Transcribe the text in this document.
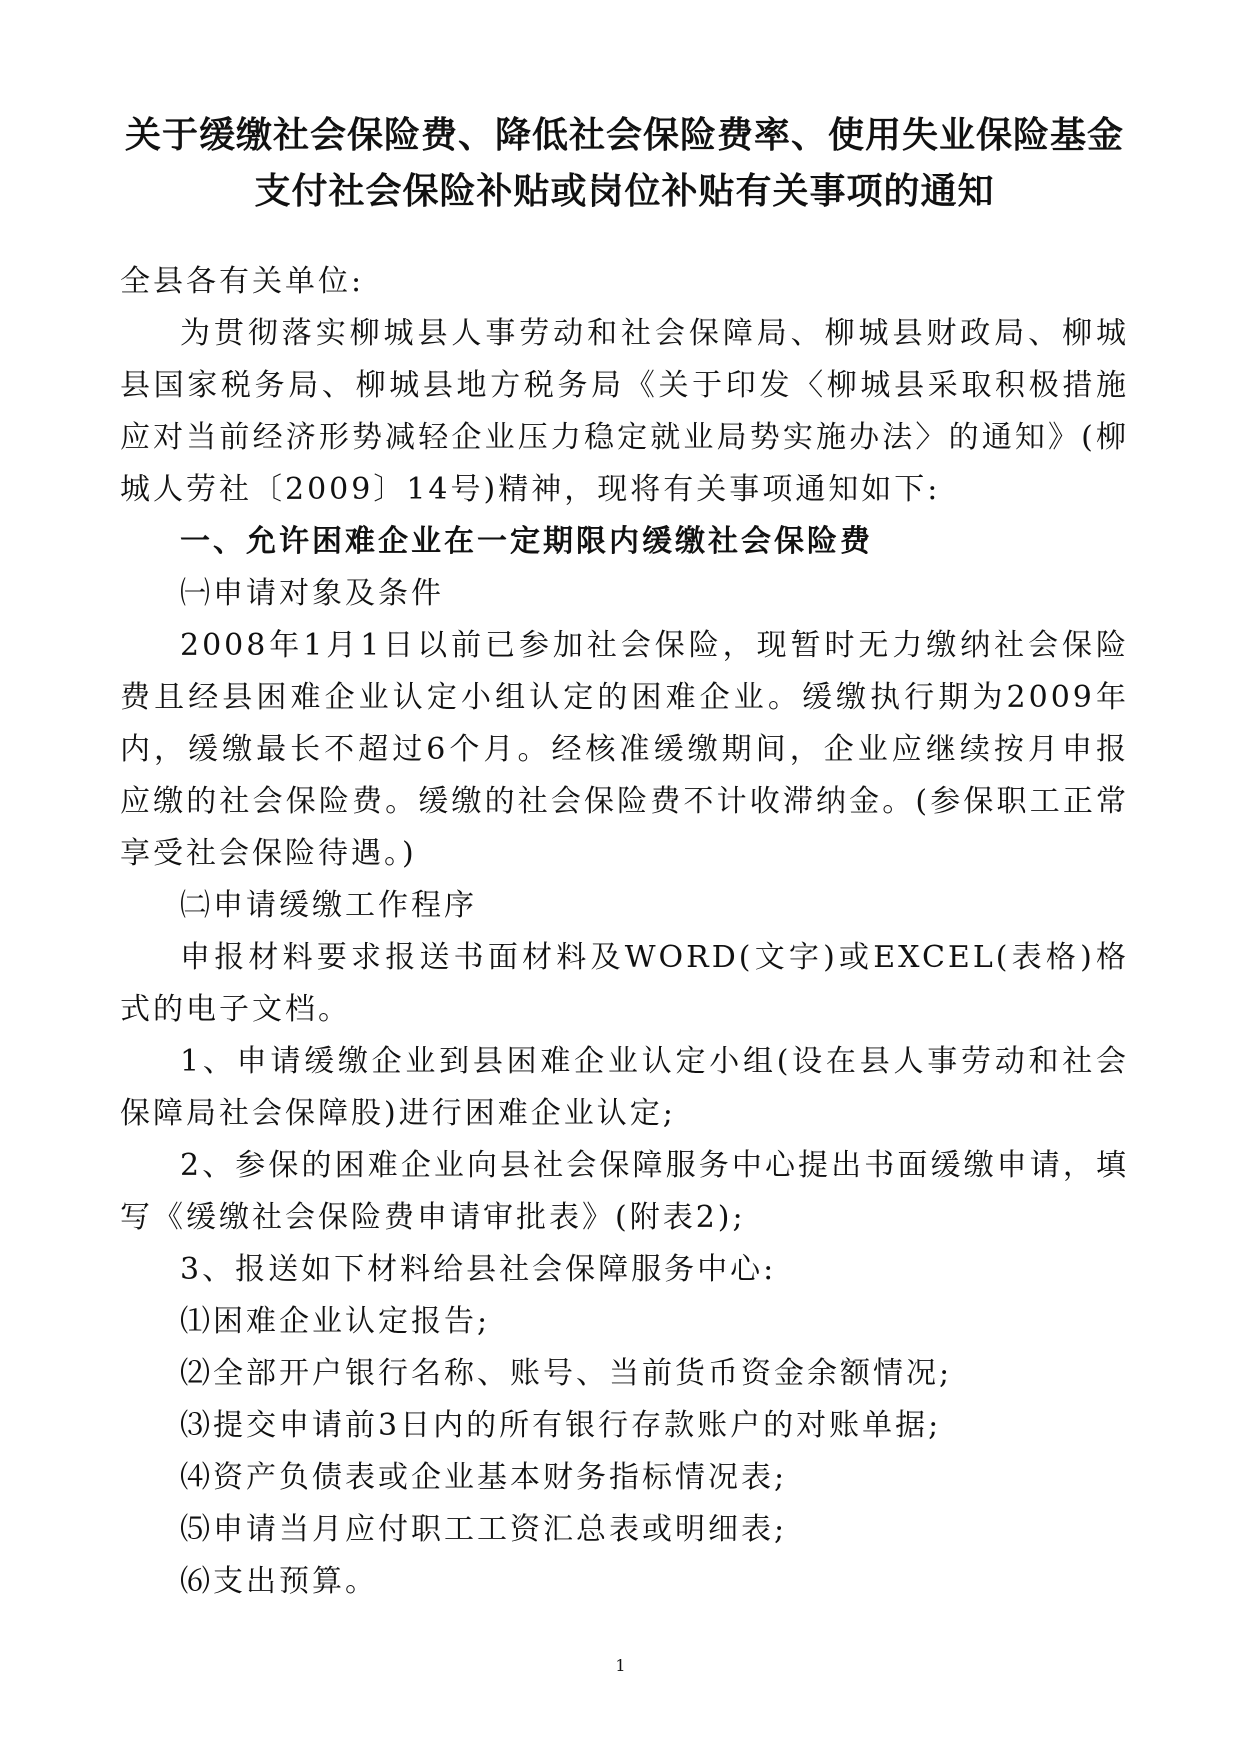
关于缓缴社会保险费、降低社会保险费率、使用失业保险基金
支付社会保险补贴或岗位补贴有关事项的通知

全县各有关单位:

为贯彻落实柳城县人事劳动和社会保障局、柳城县财政局、柳城县国家税务局、柳城县地方税务局《关于印发〈柳城县采取积极措施应对当前经济形势减轻企业压力稳定就业局势实施办法〉的通知》(柳城人劳社〔2009〕14号)精神，现将有关事项通知如下:

一、允许困难企业在一定期限内缓缴社会保险费

㈠申请对象及条件

2008年1月1日以前已参加社会保险，现暂时无力缴纳社会保险费且经县困难企业认定小组认定的困难企业。缓缴执行期为2009年内，缓缴最长不超过6个月。经核准缓缴期间，企业应继续按月申报应缴的社会保险费。缓缴的社会保险费不计收滞纳金。(参保职工正常享受社会保险待遇。)

㈡申请缓缴工作程序

申报材料要求报送书面材料及WORD(文字)或EXCEL(表格)格式的电子文档。

1、申请缓缴企业到县困难企业认定小组(设在县人事劳动和社会保障局社会保障股)进行困难企业认定;

2、参保的困难企业向县社会保障服务中心提出书面缓缴申请，填写《缓缴社会保险费申请审批表》(附表2);

3、报送如下材料给县社会保障服务中心:

⑴困难企业认定报告;

⑵全部开户银行名称、账号、当前货币资金余额情况;

⑶提交申请前3日内的所有银行存款账户的对账单据;

⑷资产负债表或企业基本财务指标情况表;

⑸申请当月应付职工工资汇总表或明细表;

⑹支出预算。

1
